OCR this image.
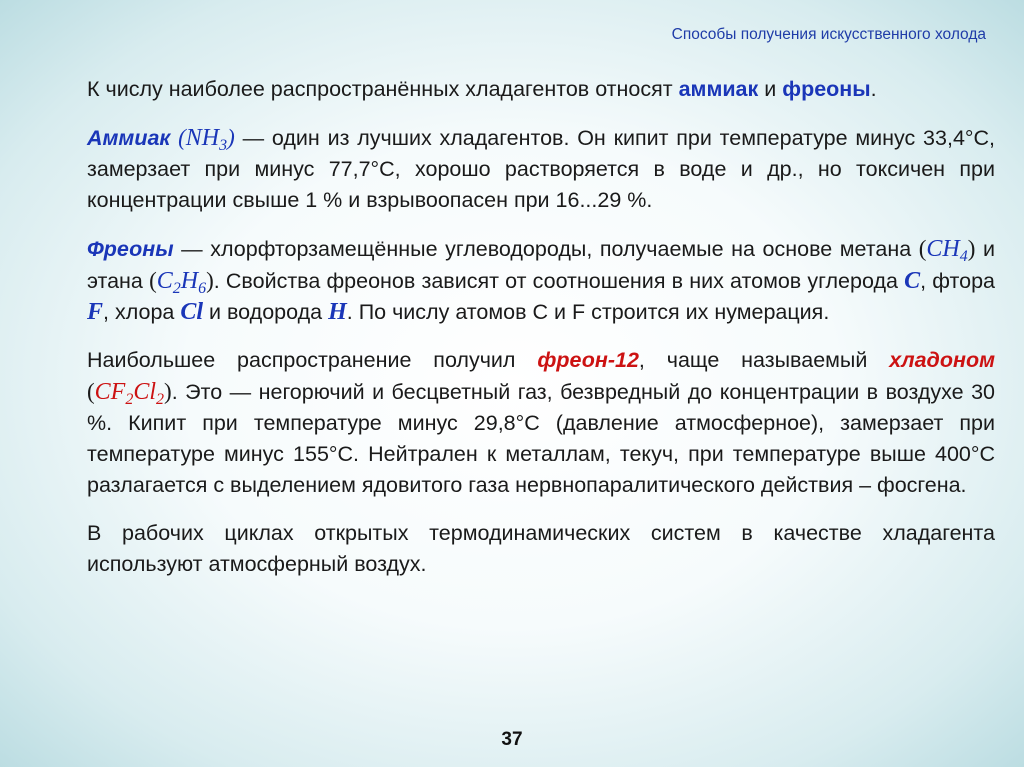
Способы получения искусственного холода

К числу наиболее распространённых хладагентов относят аммиак и фреоны.

Аммиак $(NH_3)$ — один из лучших хладагентов. Он кипит при температуре минус 33,4°С, замерзает при минус 77,7°С, хорошо растворяется в воде и др., но токсичен при концентрации свыше 1 % и взрывоопасен при 16...29 %.

Фреоны — хлорфторзамещённые углеводороды, получаемые на основе метана $(CH_4)$ и этана $(C_2H_6)$. Свойства фреонов зависят от соотношения в них атомов углерода C, фтора F, хлора Cl и водорода H. По числу атомов С и F строится их нумерация.

Наибольшее распространение получил фреон-12, чаще называемый хладоном $(CF_2Cl_2)$. Это — негорючий и бесцветный газ, безвредный до концентрации в воздухе 30 %. Кипит при температуре минус 29,8°С (давление атмосферное), замерзает при температуре минус 155°С. Нейтрален к металлам, текуч, при температуре выше 400°С разлагается с выделением ядовитого газа нервнопаралитического действия – фосгена.

В рабочих циклах открытых термодинамических систем в качестве хладагента используют атмосферный воздух.

37
